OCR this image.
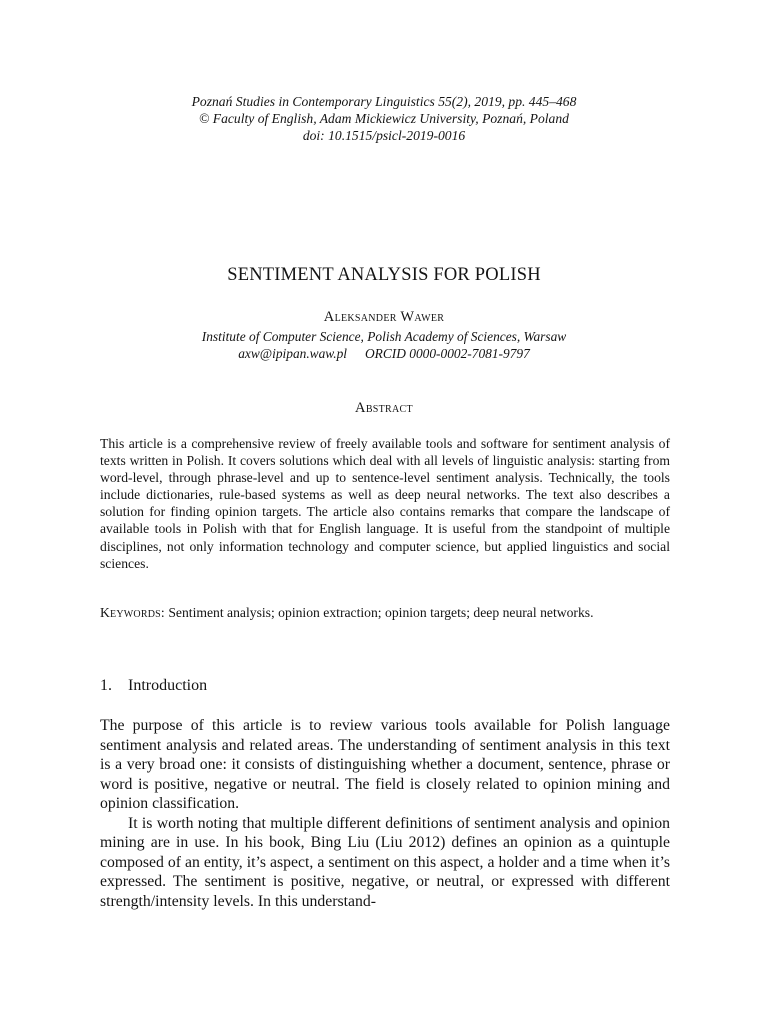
Poznań Studies in Contemporary Linguistics 55(2), 2019, pp. 445–468
© Faculty of English, Adam Mickiewicz University, Poznań, Poland
doi: 10.1515/psicl-2019-0016
SENTIMENT ANALYSIS FOR POLISH
Aleksander Wawer
Institute of Computer Science, Polish Academy of Sciences, Warsaw
axw@ipipan.waw.pl ORCID 0000-0002-7081-9797
Abstract
This article is a comprehensive review of freely available tools and software for sentiment analysis of texts written in Polish. It covers solutions which deal with all levels of linguistic analysis: starting from word-level, through phrase-level and up to sentence-level sentiment analysis. Technically, the tools include dictionaries, rule-based systems as well as deep neural networks. The text also describes a solution for finding opinion targets. The article also contains remarks that compare the landscape of available tools in Polish with that for English language. It is useful from the standpoint of multiple disciplines, not only information technology and computer science, but applied linguistics and social sciences.
Keywords: Sentiment analysis; opinion extraction; opinion targets; deep neural networks.
1. Introduction

The purpose of this article is to review various tools available for Polish language sentiment analysis and related areas. The understanding of sentiment analysis in this text is a very broad one: it consists of distinguishing whether a document, sentence, phrase or word is positive, negative or neutral. The field is closely related to opinion mining and opinion classification.

It is worth noting that multiple different definitions of sentiment analysis and opinion mining are in use. In his book, Bing Liu (Liu 2012) defines an opinion as a quintuple composed of an entity, it’s aspect, a sentiment on this aspect, a holder and a time when it’s expressed. The sentiment is positive, negative, or neutral, or expressed with different strength/intensity levels. In this understand-
